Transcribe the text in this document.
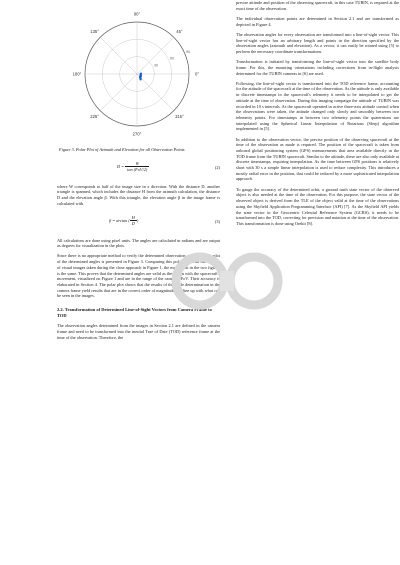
0°
45°
90°
135°
180°
225°
270°
315°
30
60
90

Figure 3. Polar Plot of Azimuth and Elevation for all Observation Points

$D = \frac{W}{\text{tan (FoV/2)}}$	(2)

where W corresponds to half of the image size in x direction. With the distance D, another triangle is spanned, which includes the distance H from the azimuth calculation, the distance D and the elevation angle β. With this triangle, the elevation angle β in the image frame is calculated with

β = arctan ( $\frac{H}{D}$ )	(3)

All calculations are done using pixel units. The angles are calculated in radians and are output as degrees for visualization in the plots.

Since there is no appropriate method to verify the determined observation angles, a polar plot of the determined angles is presented in Figure 3. Comparing this polar plot with the overlay of visual images taken during the close approach in Figure 1, the movement in the two figures is the same. This proves that the determined angles are valid as they align with the spacecraft's movement, visualized on Figure 1 and are in the range of the camera's FoV. Their accuracy is elaborated in Section 4. The polar plot shows that the results of the angle determination in the camera frame yield results that are in the correct order of magnitude and line up with what can be seen in the images.

2.2. Transformation of Determined Line-of-Sight Vectors from Camera Frame to TOD

The observation angles determined from the images in Section 2.1 are defined in the camera frame and need to be transformed into the inertial True of Date (TOD) reference frame at the time of the observation. Therefore, the

precise attitude and position of the observing spacecraft, in this case TUBIN, is required at the exact time of the observation.

The individual observation points are determined in Section 2.1 and are transformed as depicted in Figure 4.

The observation angles for every observation are transformed into a line-of-sight vector. This line-of-sight vector has an arbitrary length and points in the direction specified by the observation angles (azimuth and elevation). As a vector, it can easily be rotated using [5] to perform the necessary coordinate transformations.

Transformation is initiated by transforming the line-of-sight vector into the satellite body frame. For this, the mounting orientations including corrections from in-flight analysis determined for the TUBIN cameras in [6] are used.

Following, the line-of-sight vector is transformed into the TOD reference frame, accounting for the attitude of the spacecraft at the time of the observation. As the attitude is only available in discrete timestamps in the spacecraft's telemetry it needs to be interpolated to get the attitude at the time of observation. During this imaging campaign the attitude of TUBIN was recorded in 10 s intervals. As the spacecraft operated in active three-axis attitude control when the observations were taken, the attitude changed only slowly and smoothly between two telemetry points. For timestamps in between two telemetry points the quaternions are interpolated using the Spherical Linear Interpolation of Rotations (Slerp) algorithm implemented in [5].

In addition to the observation vector, the precise position of the observing spacecraft at the time of the observation as made is required. The position of the spacecraft is taken from onboard global positioning system (GPS) measurements that area available directly in the TOD frame from the TUBIN spacecraft. Similar to the attitude, these are also only available at discrete timestamps, requiring interpolation. As the time between GPS positions is relatively short with 30 s a simple linear interpolation is used to reduce complexity. This introduces a mostly radial error in the position, that could be reduced by a more sophisticated interpolation approach.

To gauge the accuracy of the determined orbit, a ground truth state vector of the observed object is also needed at the time of the observation. For this purpose, the state vector of the observed object is derived from the TLE of the object valid at the time of the observations using the Skyfield Application Programming Interface (API) [7]. As the Skyfield API yields the state vector in the Geocentric Celestial Reference System (GCRS), it needs to be transformed into the TOD, correcting for precision and nutation at the time of the observation. This transformation is done using Orekit [8].
